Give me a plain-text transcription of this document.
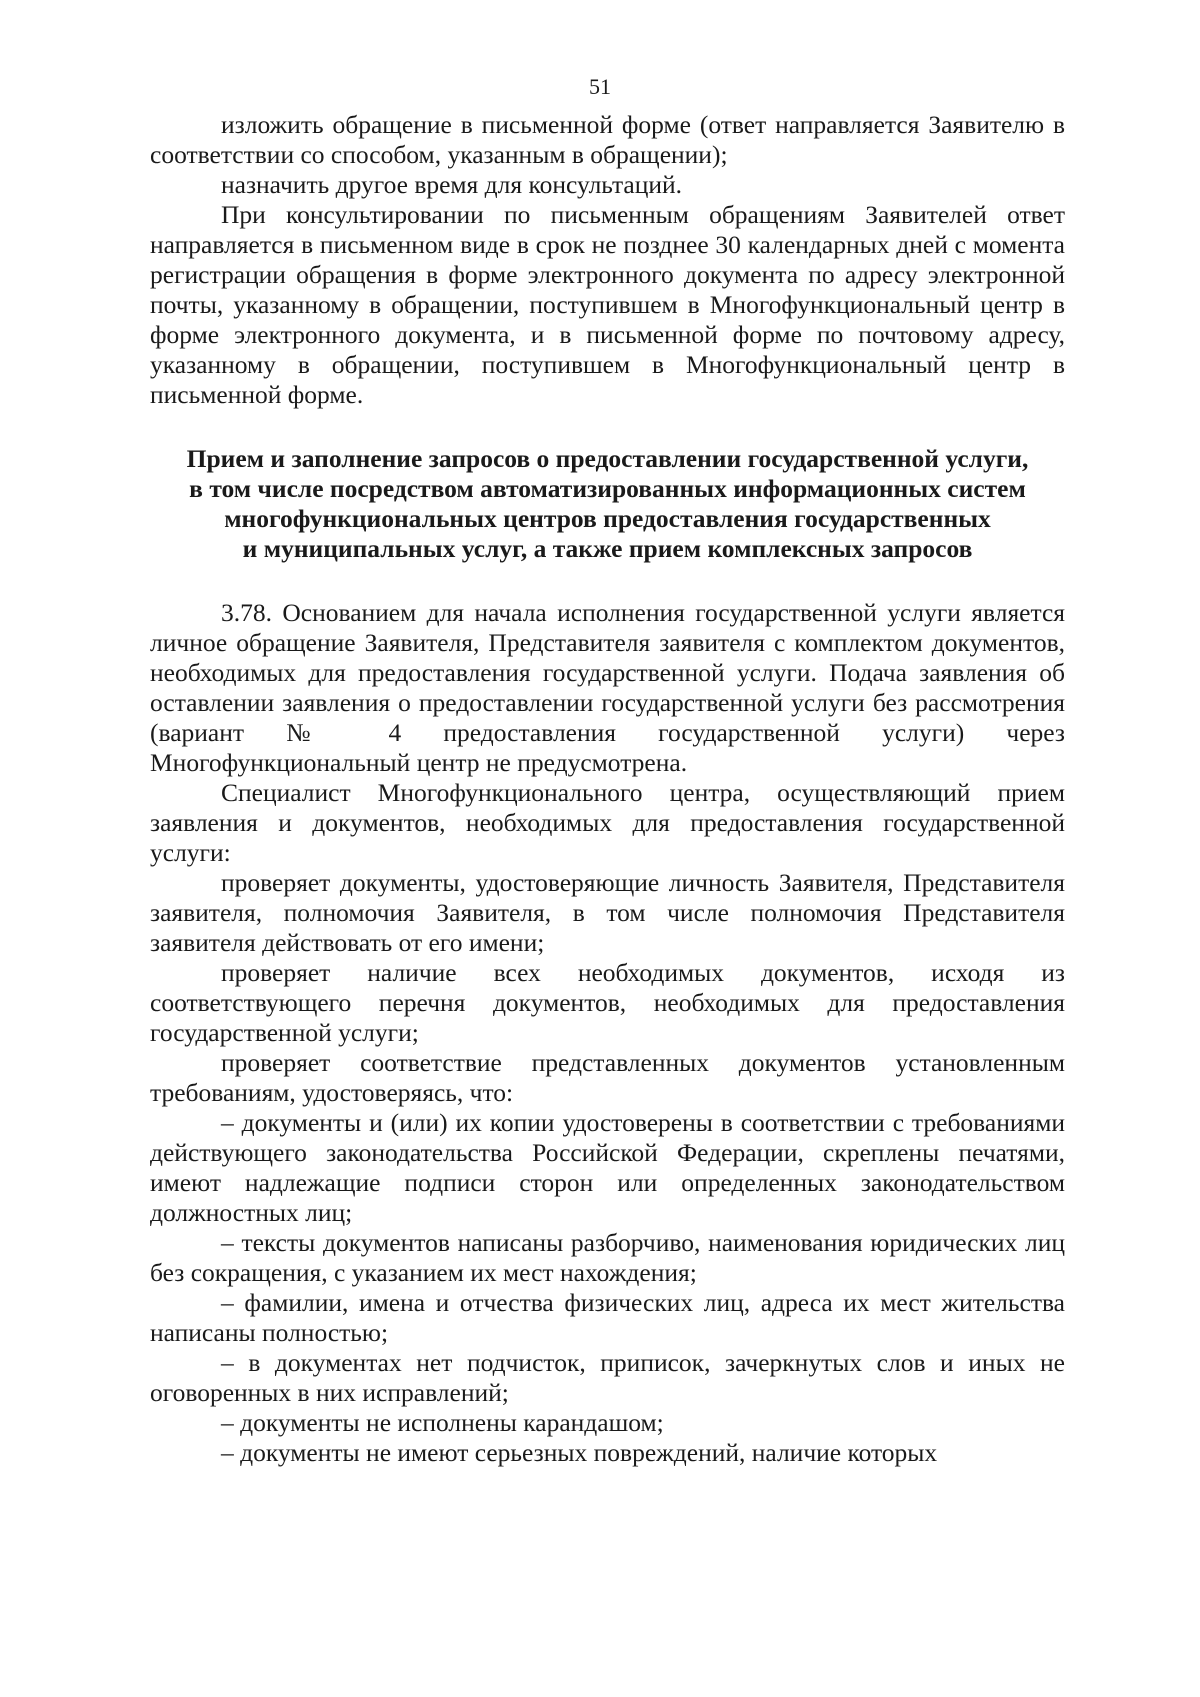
51

изложить обращение в письменной форме (ответ направляется Заявителю в соответствии со способом, указанным в обращении);

назначить другое время для консультаций.

При консультировании по письменным обращениям Заявителей ответ направляется в письменном виде в срок не позднее 30 календарных дней с момента регистрации обращения в форме электронного документа по адресу электронной почты, указанному в обращении, поступившем в Многофункциональный центр в форме электронного документа, и в письменной форме по почтовому адресу, указанному в обращении, поступившем в Многофункциональный центр в письменной форме.

Прием и заполнение запросов о предоставлении государственной услуги,
в том числе посредством автоматизированных информационных систем
многофункциональных центров предоставления государственных
и муниципальных услуг, а также прием комплексных запросов

3.78. Основанием для начала исполнения государственной услуги является личное обращение Заявителя, Представителя заявителя с комплектом документов, необходимых для предоставления государственной услуги. Подача заявления об оставлении заявления о предоставлении государственной услуги без рассмотрения (вариант № 4 предоставления государственной услуги) через Многофункциональный центр не предусмотрена.

Специалист Многофункционального центра, осуществляющий прием заявления и документов, необходимых для предоставления государственной услуги:

проверяет документы, удостоверяющие личность Заявителя, Представителя заявителя, полномочия Заявителя, в том числе полномочия Представителя заявителя действовать от его имени;

проверяет наличие всех необходимых документов, исходя из соответствующего перечня документов, необходимых для предоставления государственной услуги;

проверяет соответствие представленных документов установленным требованиям, удостоверяясь, что:

– документы и (или) их копии удостоверены в соответствии с требованиями действующего законодательства Российской Федерации, скреплены печатями, имеют надлежащие подписи сторон или определенных законодательством должностных лиц;

– тексты документов написаны разборчиво, наименования юридических лиц без сокращения, с указанием их мест нахождения;

– фамилии, имена и отчества физических лиц, адреса их мест жительства написаны полностью;

– в документах нет подчисток, приписок, зачеркнутых слов и иных не оговоренных в них исправлений;

– документы не исполнены карандашом;

– документы не имеют серьезных повреждений, наличие которых
